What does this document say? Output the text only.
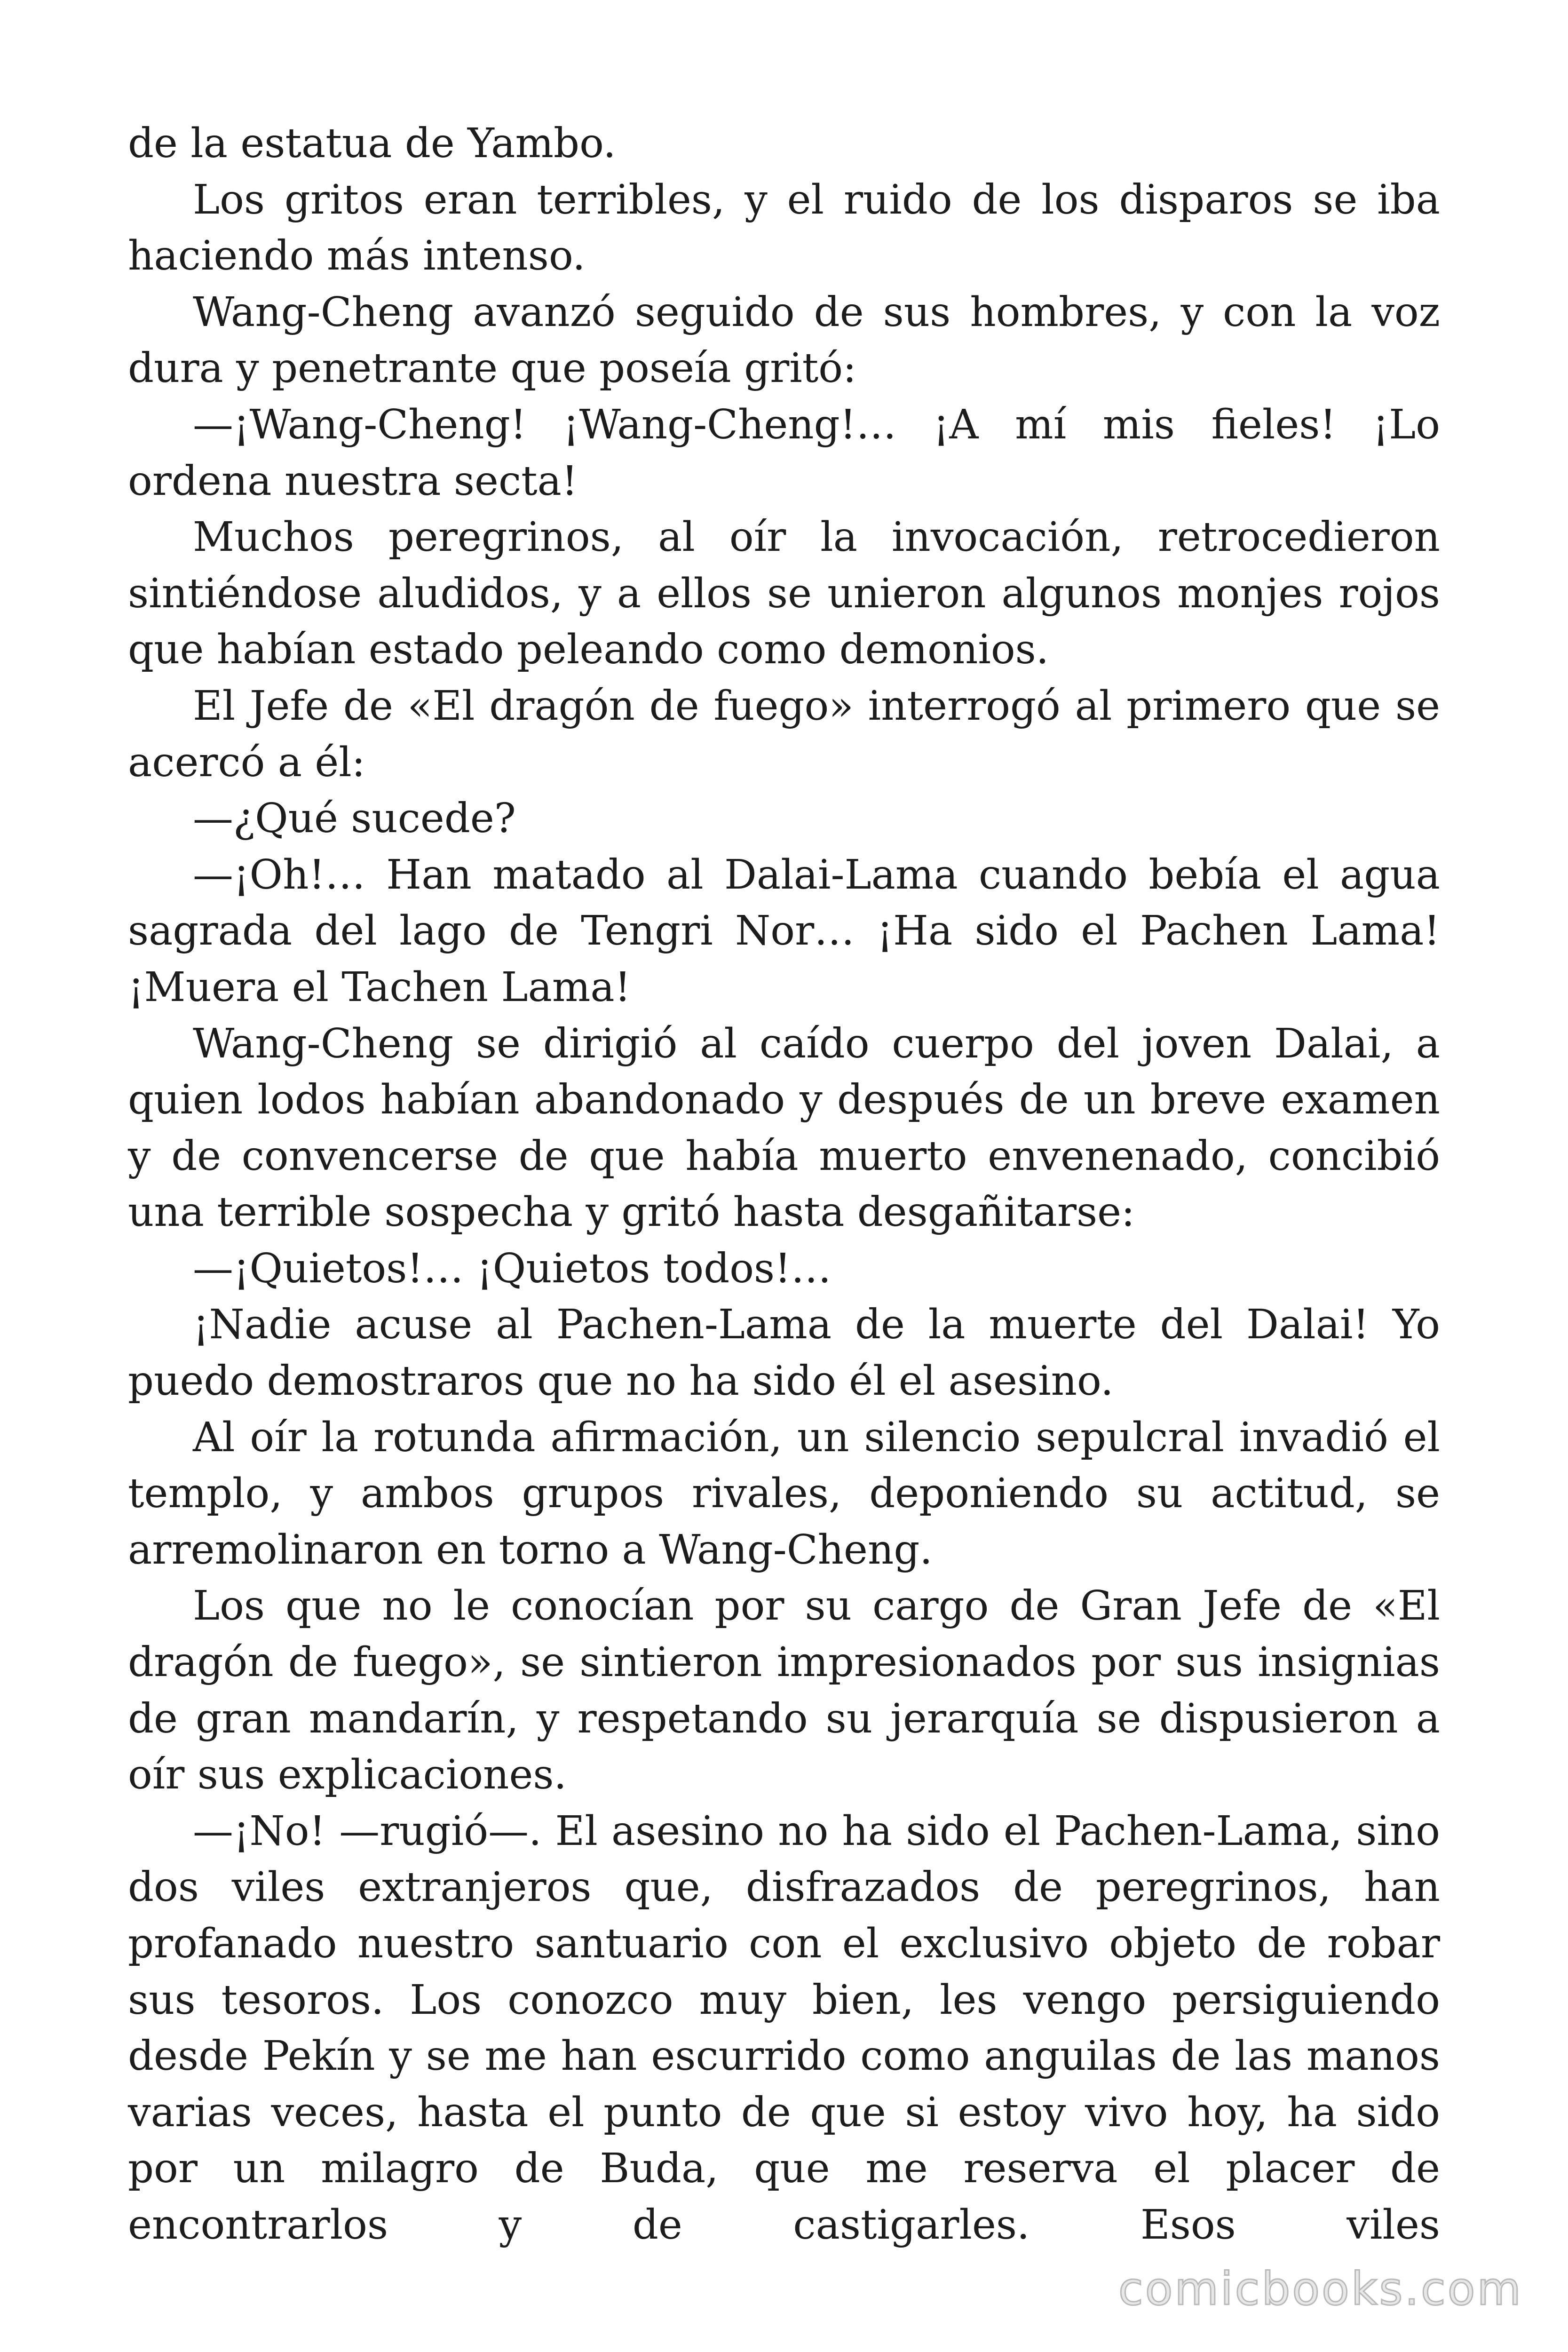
de la estatua de Yambo.

Los gritos eran terribles, y el ruido de los disparos se iba haciendo más intenso.

Wang-Cheng avanzó seguido de sus hombres, y con la voz dura y penetrante que poseía gritó:

—¡Wang-Cheng! ¡Wang-Cheng!… ¡A mí mis fieles! ¡Lo ordena nuestra secta!

Muchos peregrinos, al oír la invocación, retrocedieron sintiéndose aludidos, y a ellos se unieron algunos monjes rojos que habían estado peleando como demonios.

El Jefe de «El dragón de fuego» interrogó al primero que se acercó a él:

—¿Qué sucede?

—¡Oh!… Han matado al Dalai-Lama cuando bebía el agua sagrada del lago de Tengri Nor… ¡Ha sido el Pachen Lama! ¡Muera el Tachen Lama!

Wang-Cheng se dirigió al caído cuerpo del joven Dalai, a quien lodos habían abandonado y después de un breve examen y de convencerse de que había muerto envenenado, concibió una terrible sospecha y gritó hasta desgañitarse:

—¡Quietos!… ¡Quietos todos!…

¡Nadie acuse al Pachen-Lama de la muerte del Dalai! Yo puedo demostraros que no ha sido él el asesino.

Al oír la rotunda afirmación, un silencio sepulcral invadió el templo, y ambos grupos rivales, deponiendo su actitud, se arremolinaron en torno a Wang-Cheng.

Los que no le conocían por su cargo de Gran Jefe de «El dragón de fuego», se sintieron impresionados por sus insignias de gran mandarín, y respetando su jerarquía se dispusieron a oír sus explicaciones.

—¡No! —rugió—. El asesino no ha sido el Pachen-Lama, sino dos viles extranjeros que, disfrazados de peregrinos, han profanado nuestro santuario con el exclusivo objeto de robar sus tesoros. Los conozco muy bien, les vengo persiguiendo desde Pekín y se me han escurrido como anguilas de las manos varias veces, hasta el punto de que si estoy vivo hoy, ha sido por un milagro de Buda, que me reserva el placer de encontrarlos y de castigarles. Esos viles

comicbooks.com
